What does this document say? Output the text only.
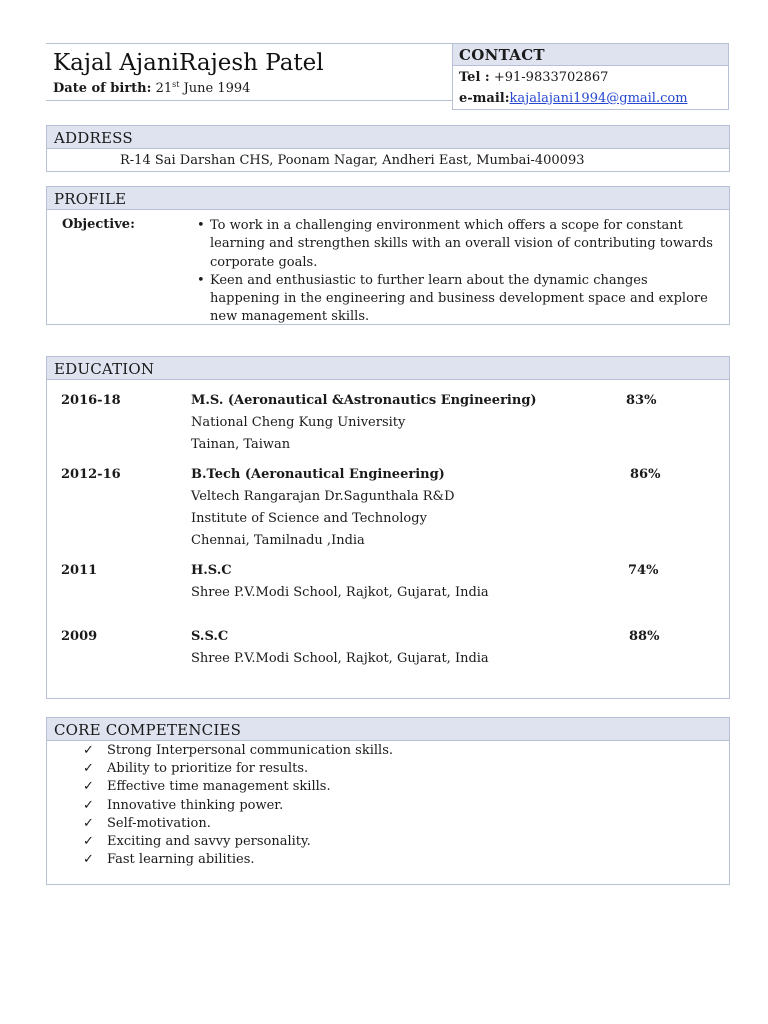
Kajal AjaniRajesh Patel
Date of birth: 21st June 1994
CONTACT
Tel : +91-9833702867
e-mail:kajalajani1994@gmail.com
ADDRESS
R-14 Sai Darshan CHS, Poonam Nagar, Andheri East, Mumbai-400093
PROFILE
Objective:
•	To work in a challenging environment which offers a scope for constant learning and strengthen skills with an overall vision of contributing towards corporate goals.
• Keen and enthusiastic to further learn about the dynamic changes happening in the engineering and business development space and explore new management skills.
EDUCATION
2016-18	M.S. (Aeronautical &Astronautics Engineering)
National Cheng Kung University
Tainan, Taiwan
83%
2012-16	B.Tech (Aeronautical Engineering)
Veltech Rangarajan Dr.Sagunthala R&D
Institute of Science and Technology
Chennai, Tamilnadu ,India
86%
2011	H.S.C
Shree P.V.Modi School, Rajkot, Gujarat, India
74%
2009	S.S.C
Shree P.V.Modi School, Rajkot, Gujarat, India
88%
CORE COMPETENCIES
✓ Strong Interpersonal communication skills.
✓ Ability to prioritize for results.
✓ Effective time management skills.
✓ Innovative thinking power.
✓ Self-motivation.
✓ Exciting and savvy personality.
✓ Fast learning abilities.
